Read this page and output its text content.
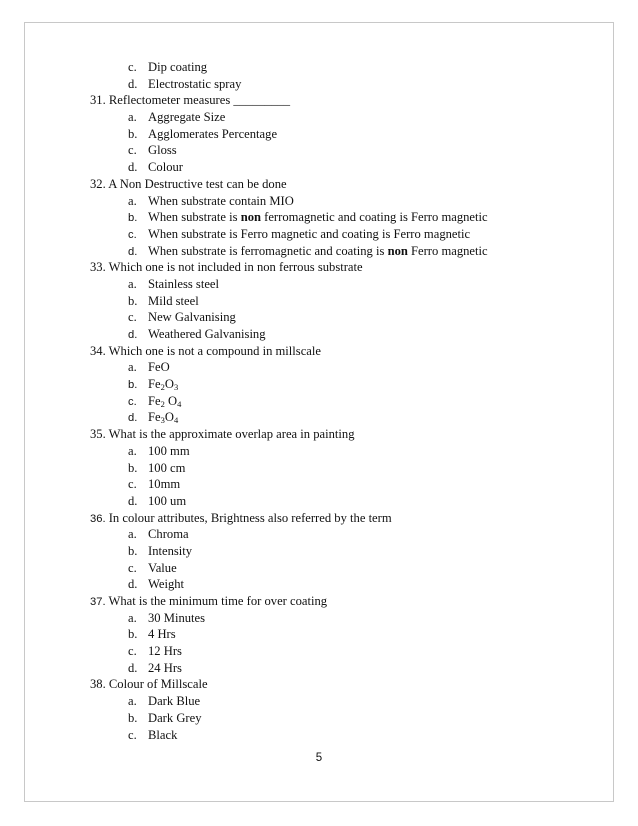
c. Dip coating
d. Electrostatic spray
31. Reflectometer measures _________
a. Aggregate Size
b. Agglomerates Percentage
c. Gloss
d. Colour
32. A Non Destructive test can be done
a. When substrate contain MIO
b. When substrate is non ferromagnetic and coating is Ferro magnetic
c. When substrate is Ferro magnetic and coating is Ferro magnetic
d. When substrate is ferromagnetic and coating is non Ferro magnetic
33. Which one is not included in non ferrous substrate
a. Stainless steel
b. Mild steel
c. New Galvanising
d. Weathered Galvanising
34. Which one is not a compound in millscale
a. FeO
b. $Fe_2O_3$
c. $Fe_2$ $O_4$
d. $Fe_3O_4$
35. What is the approximate overlap area in painting
a. 100 mm
b. 100 cm
c. 10mm
d. 100 um
36. In colour attributes, Brightness also referred by the term
a. Chroma
b. Intensity
c. Value
d. Weight
37. What is the minimum time for over coating
a. 30 Minutes
b. 4 Hrs
c. 12 Hrs
d. 24 Hrs
38. Colour of Millscale
a. Dark Blue
b. Dark Grey
c. Black
5
